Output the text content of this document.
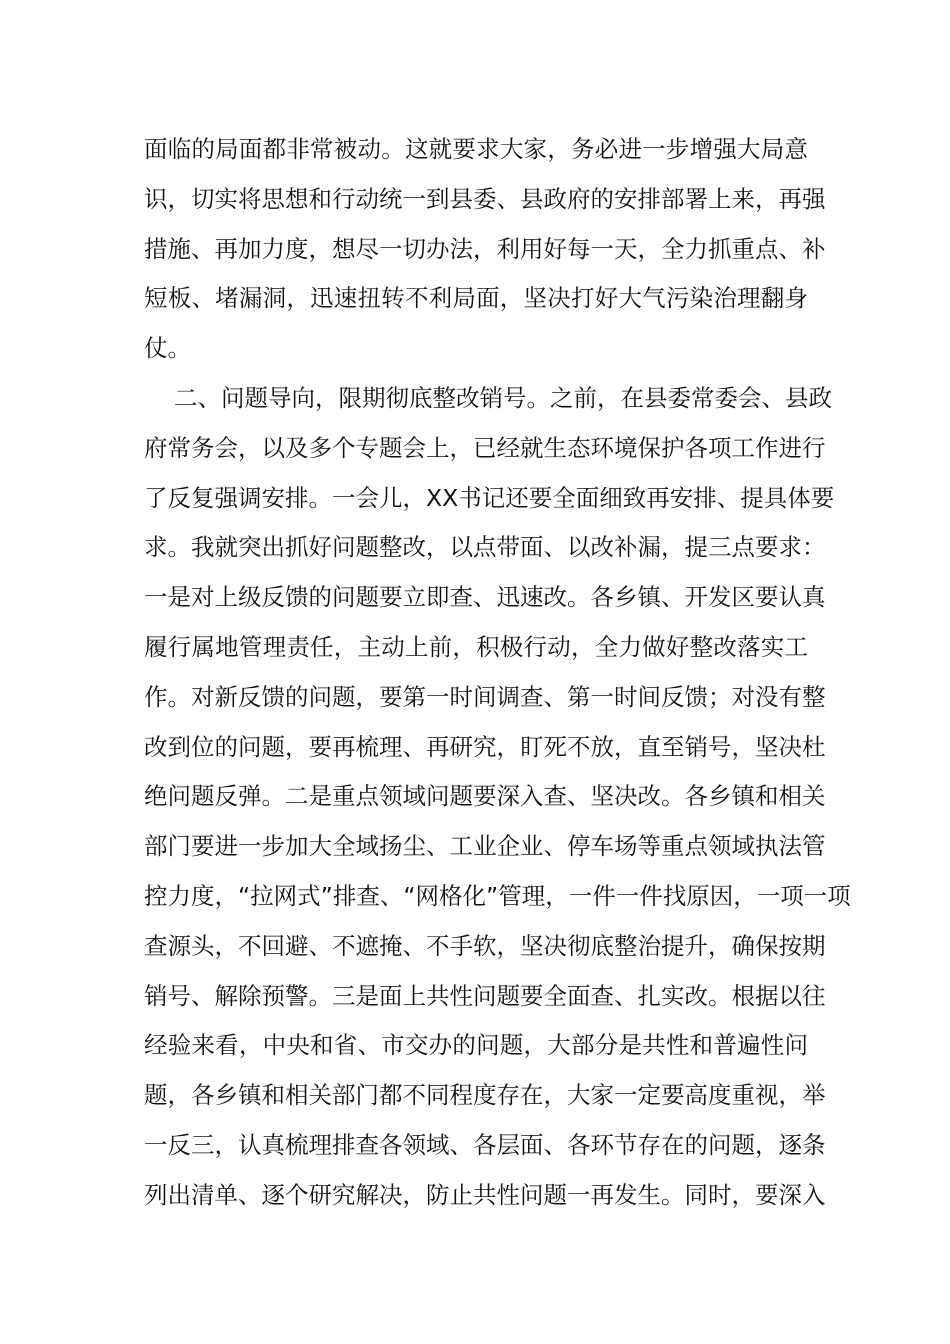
面临的局面都非常被动。这就要求大家，务必进一步增强大局意
识，切实将思想和行动统一到县委、县政府的安排部署上来，再强
措施、再加力度，想尽一切办法，利用好每一天，全力抓重点、补
短板、堵漏洞，迅速扭转不利局面，坚决打好大气污染治理翻身
仗。
二、问题导向，限期彻底整改销号。之前，在县委常委会、县政
府常务会，以及多个专题会上，已经就生态环境保护各项工作进行
了反复强调安排。一会儿，XX书记还要全面细致再安排、提具体要
求。我就突出抓好问题整改，以点带面、以改补漏，提三点要求：
一是对上级反馈的问题要立即查、迅速改。各乡镇、开发区要认真
履行属地管理责任，主动上前，积极行动，全力做好整改落实工
作。对新反馈的问题，要第一时间调查、第一时间反馈；对没有整
改到位的问题，要再梳理、再研究，盯死不放，直至销号，坚决杜
绝问题反弹。二是重点领域问题要深入查、坚决改。各乡镇和相关
部门要进一步加大全域扬尘、工业企业、停车场等重点领域执法管
控力度，“拉网式”排查、“网格化”管理，一件一件找原因，一项一项
查源头，不回避、不遮掩、不手软，坚决彻底整治提升，确保按期
销号、解除预警。三是面上共性问题要全面查、扎实改。根据以往
经验来看，中央和省、市交办的问题，大部分是共性和普遍性问
题，各乡镇和相关部门都不同程度存在，大家一定要高度重视，举
一反三，认真梳理排查各领域、各层面、各环节存在的问题，逐条
列出清单、逐个研究解决，防止共性问题一再发生。同时，要深入
